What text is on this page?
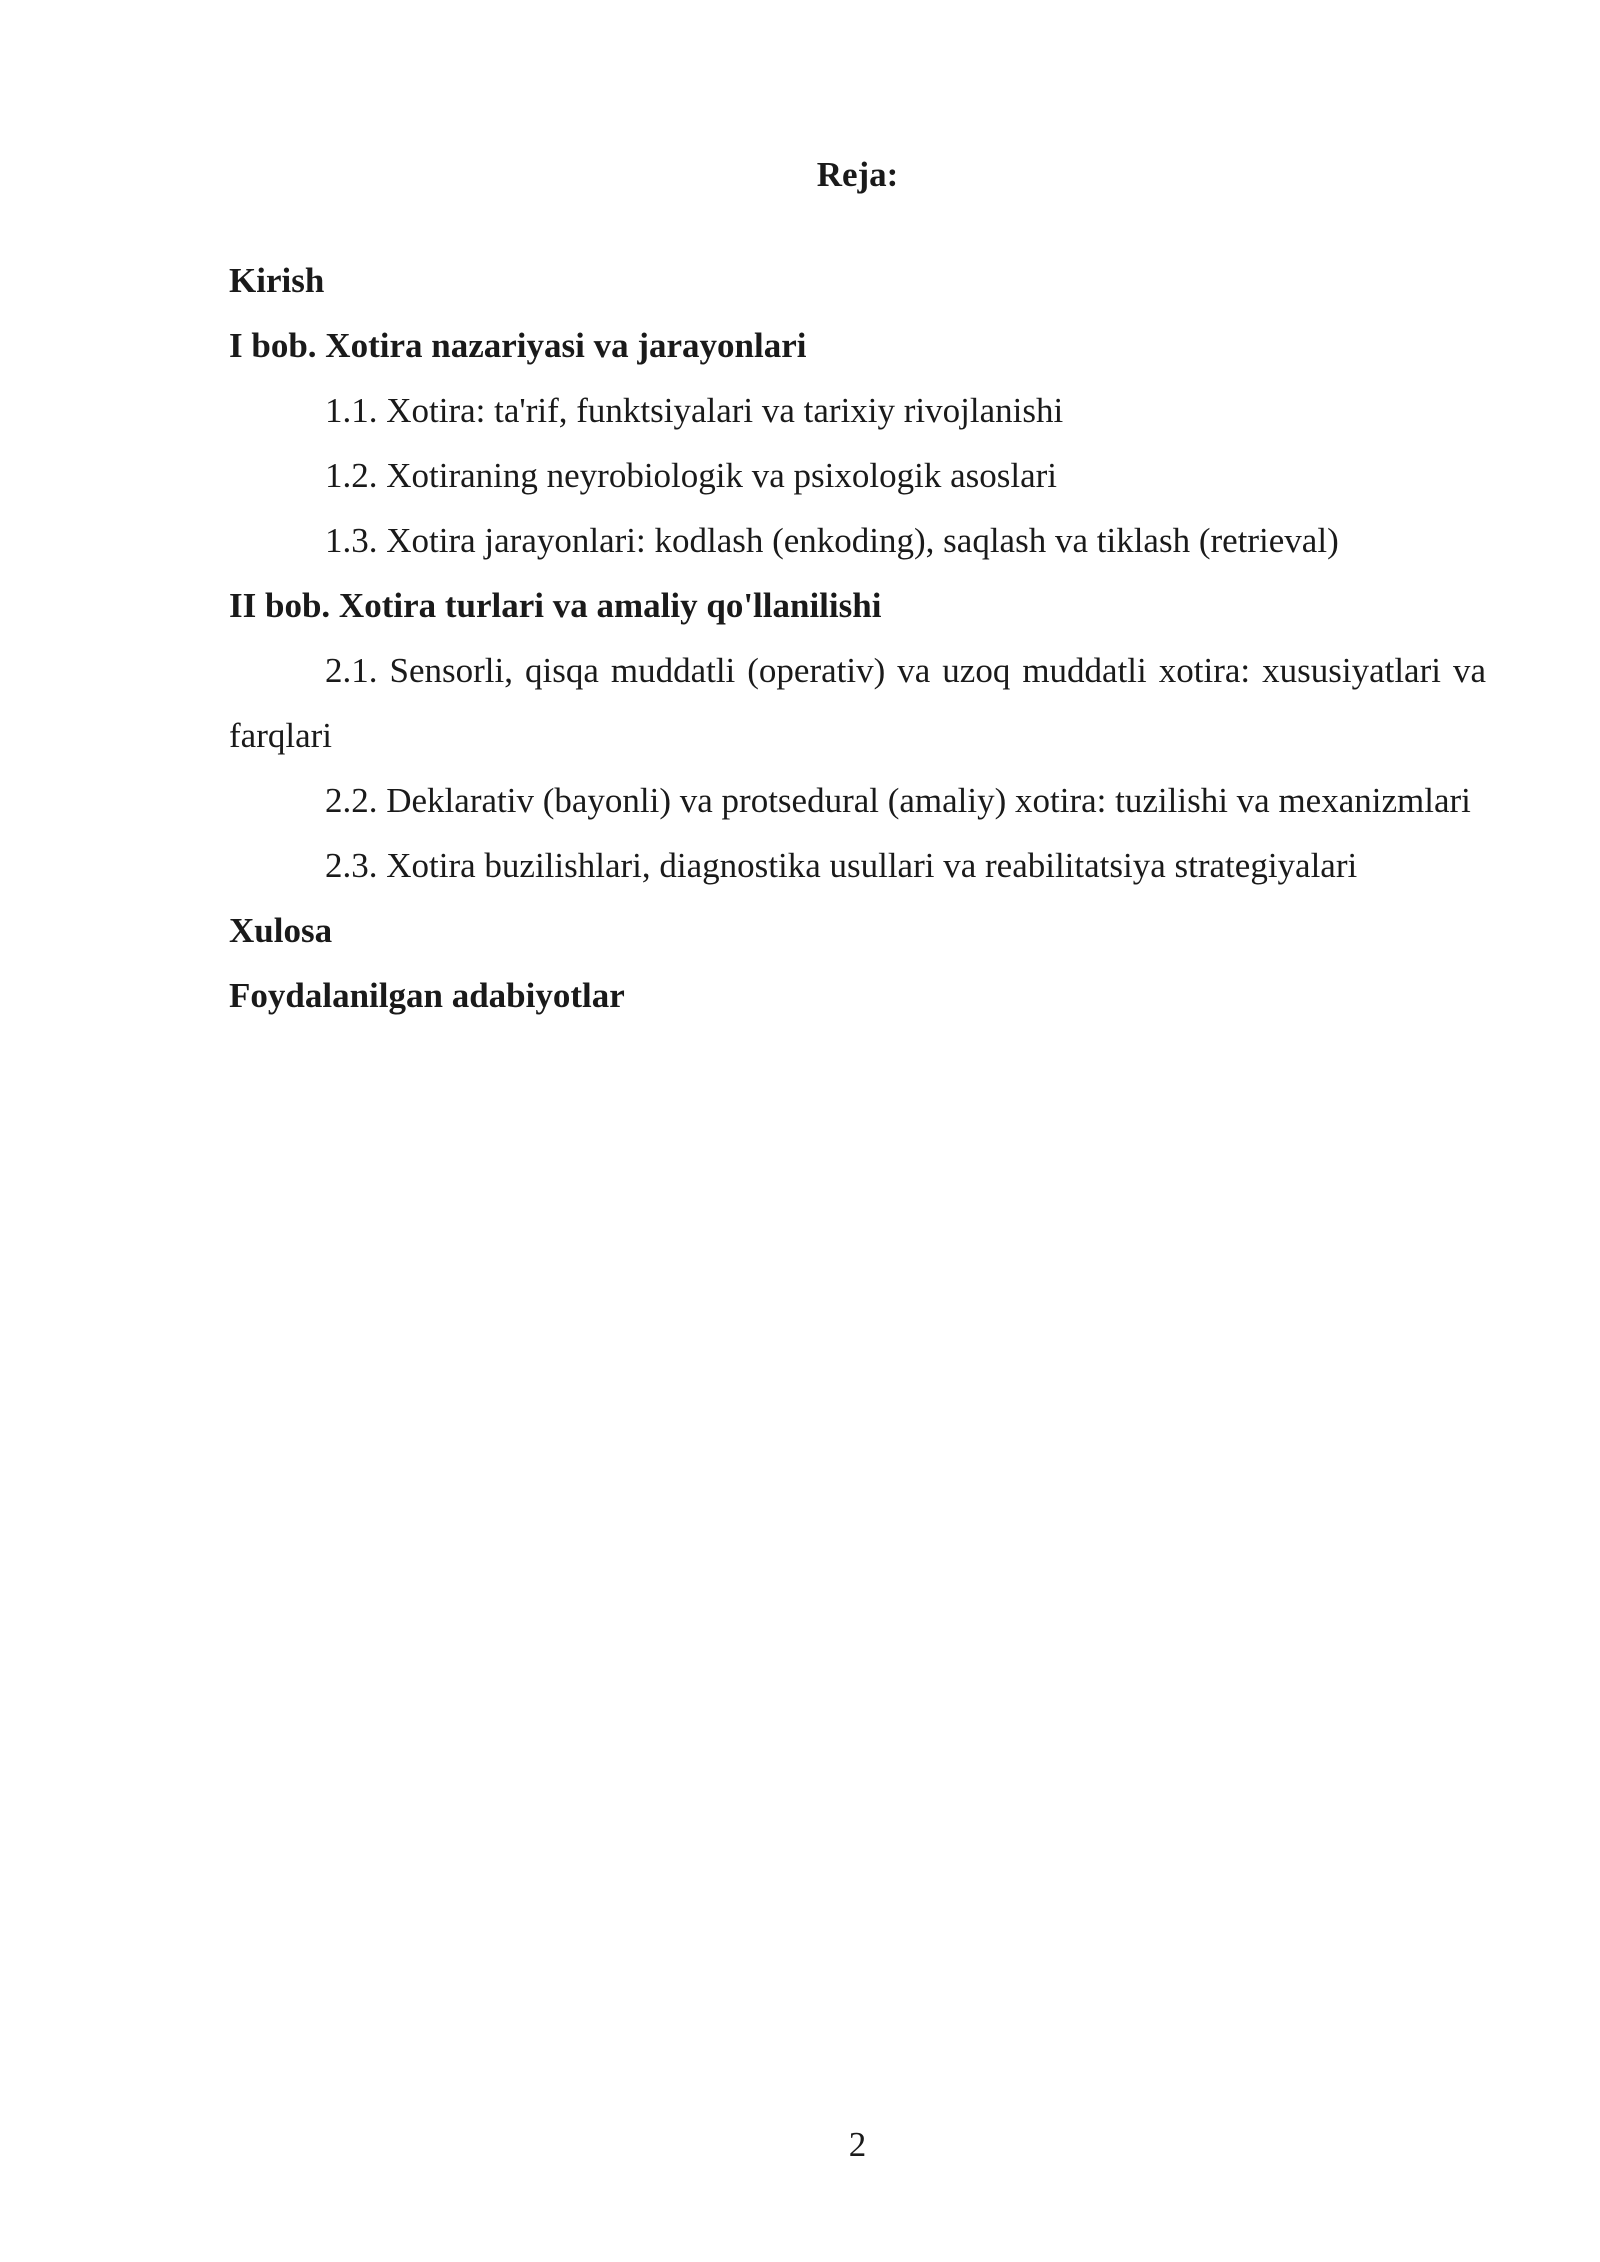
Reja:

Kirish

I bob. Xotira nazariyasi va jarayonlari

1.1. Xotira: ta'rif, funktsiyalari va tarixiy rivojlanishi

1.2. Xotiraning neyrobiologik va psixologik asoslari

1.3. Xotira jarayonlari: kodlash (enkoding), saqlash va tiklash (retrieval)

II bob. Xotira turlari va amaliy qo'llanilishi

2.1. Sensorli, qisqa muddatli (operativ) va uzoq muddatli xotira: xususiyatlari va farqlari

2.2. Deklarativ (bayonli) va protsedural (amaliy) xotira: tuzilishi va mexanizmlari

2.3. Xotira buzilishlari, diagnostika usullari va reabilitatsiya strategiyalari

Xulosa

Foydalanilgan adabiyotlar

2
